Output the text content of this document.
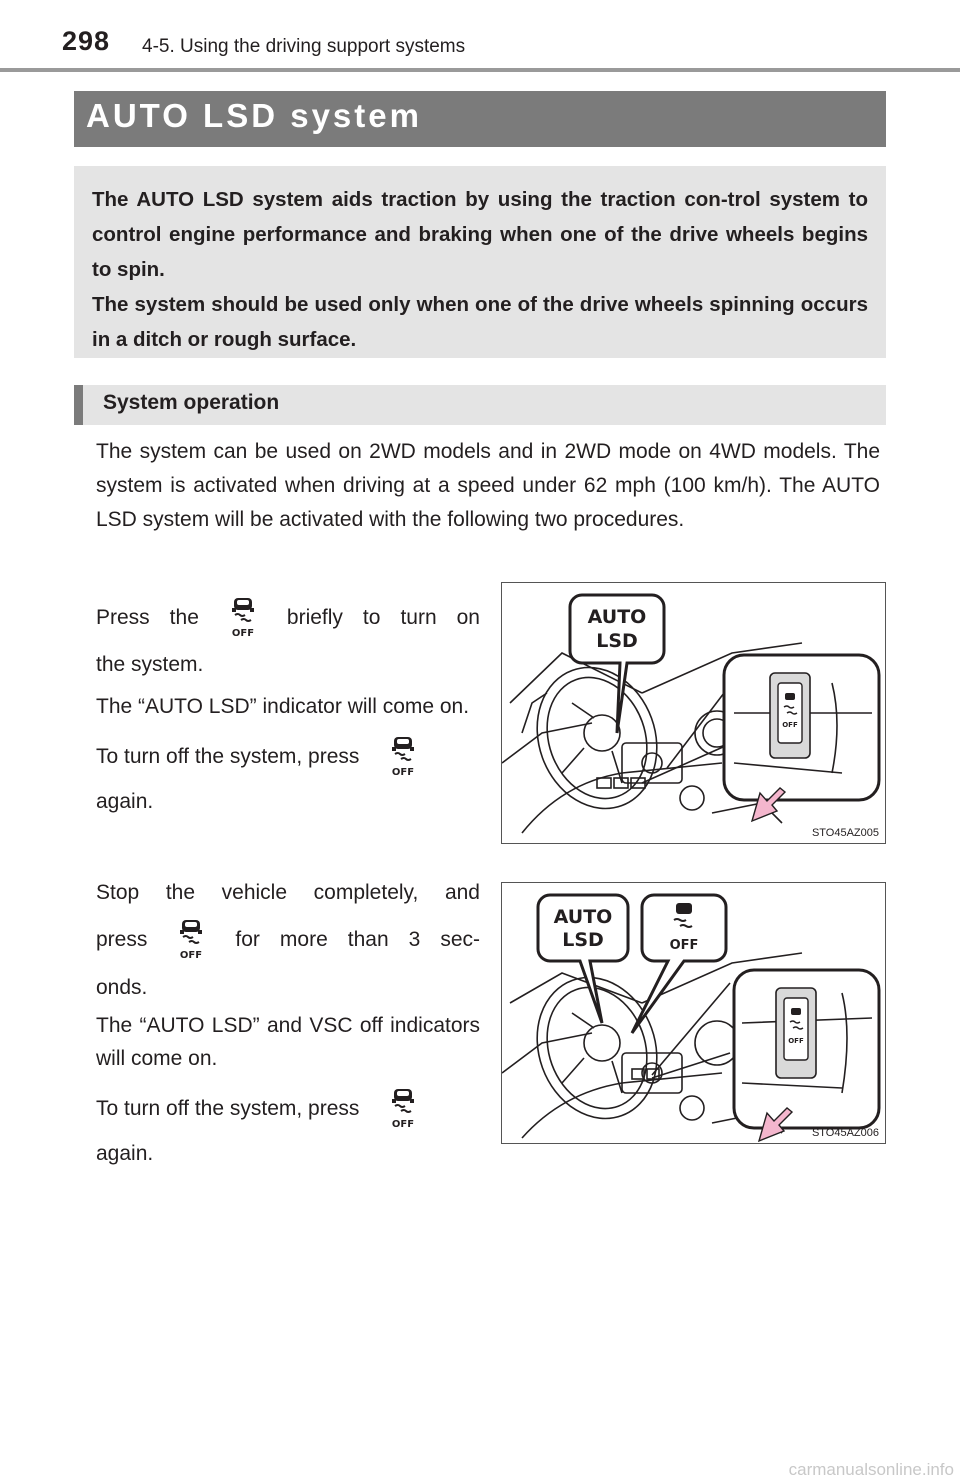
298 4-5. Using the driving support systems
AUTO LSD system

The AUTO LSD system aids traction by using the traction con-trol system to control engine performance and braking when one of the drive wheels begins to spin.
The system should be used only when one of the drive wheels spinning occurs in a ditch or rough surface.

System operation

The system can be used on 2WD models and in 2WD mode on 4WD models. The system is activated when driving at a speed under 62 mph (100 km/h). The AUTO LSD system will be activated with the following two procedures.

Press the
OFF
briefly to turn on

the system.

The “AUTO LSD” indicator will come on.

To turn off the system, press
OFF

again.

AUTO
LSD
OFF
STO45AZ005

Stop the vehicle completely, and

press
OFF
for more than 3 sec-

onds.

The “AUTO LSD” and VSC off indicators will come on.

To turn off the system, press
OFF

again.

AUTO
LSD	OFF
OFF
STO45AZ006
carmanualsonline.info
